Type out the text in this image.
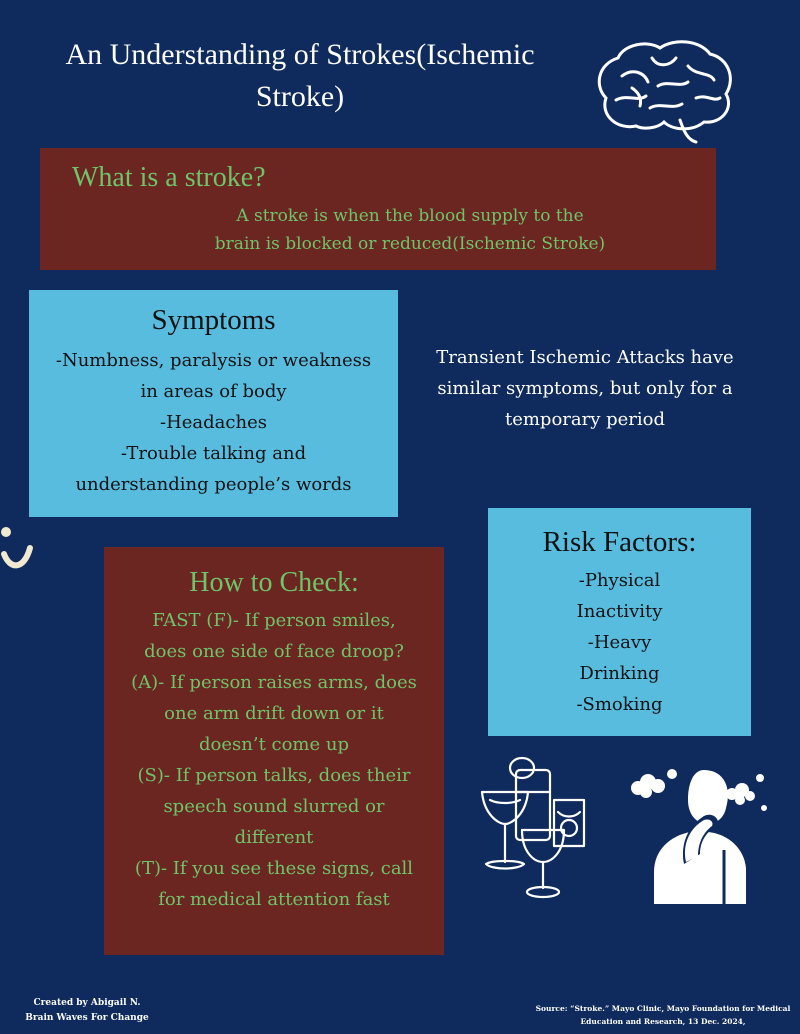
An Understanding of Strokes(Ischemic
Stroke)
What is a stroke?

A stroke is when the blood supply to the
brain is blocked or reduced(Ischemic Stroke)

Symptoms

-Numbness, paralysis or weakness
in areas of body
-Headaches
-Trouble talking and
understanding people’s words

Transient Ischemic Attacks have
similar symptoms, but only for a
temporary period

How to Check:

FAST (F)- If person smiles,
does one side of face droop?
(A)- If person raises arms, does
one arm drift down or it
doesn’t come up
(S)- If person talks, does their
speech sound slurred or
different
(T)- If you see these signs, call
for medical attention fast

Risk Factors:

-Physical
Inactivity
-Heavy
Drinking
-Smoking

Created by Abigail N.
Brain Waves For Change

Source: “Stroke.” Mayo Clinic, Mayo Foundation for Medical
Education and Research, 13 Dec. 2024,
